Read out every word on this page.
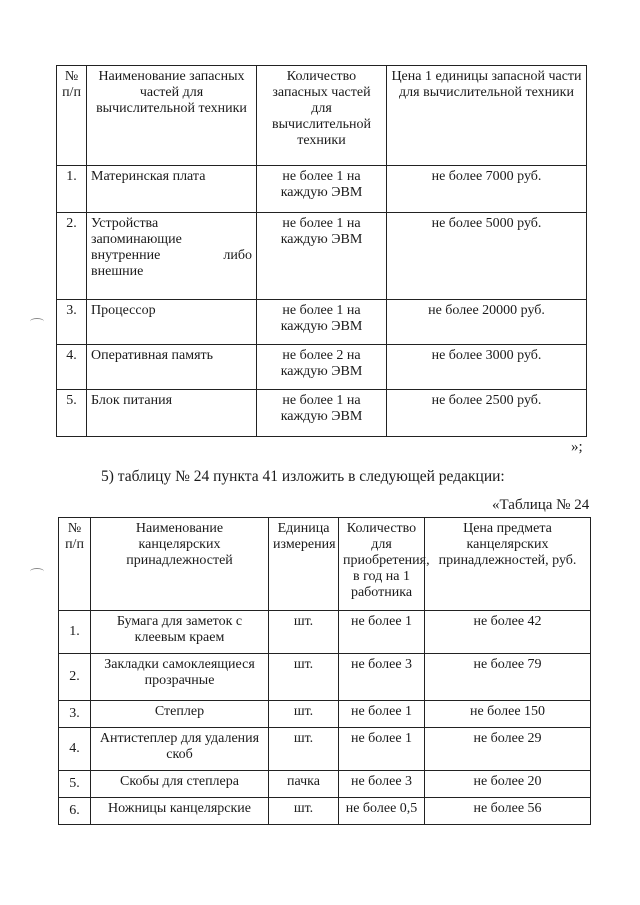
№ п/п	Наименование запасных частей для вычислительной техники	Количество запасных частей для вычислительной техники	Цена 1 единицы запасной части для вычислительной техники
1.	Материнская плата	не более 1 на каждую ЭВМ	не более 7000 руб.
2.	Устройства
запоминающие
внутренние либо
внешние	не более 1 на каждую ЭВМ	не более 5000 руб.
3.	Процессор	не более 1 на каждую ЭВМ	не более 20000 руб.
4.	Оперативная память	не более 2 на каждую ЭВМ	не более 3000 руб.
5.	Блок питания	не более 1 на каждую ЭВМ	не более 2500 руб.
»;
5) таблицу № 24 пункта 41 изложить в следующей редакции:
«Таблица № 24
№ п/п	Наименование канцелярских принадлежностей	Единица измерения	Количество для приобретения, в год на 1 работника	Цена предмета канцелярских принадлежностей, руб.
1.	Бумага для заметок с клеевым краем	шт.	не более 1	не более 42
2.	Закладки самоклеящиеся прозрачные	шт.	не более 3	не более 79
3.	Степлер	шт.	не более 1	не более 150
4.	Антистеплер для удаления скоб	шт.	не более 1	не более 29
5.	Скобы для степлера	пачка	не более 3	не более 20
6.	Ножницы канцелярские	шт.	не более 0,5	не более 56
